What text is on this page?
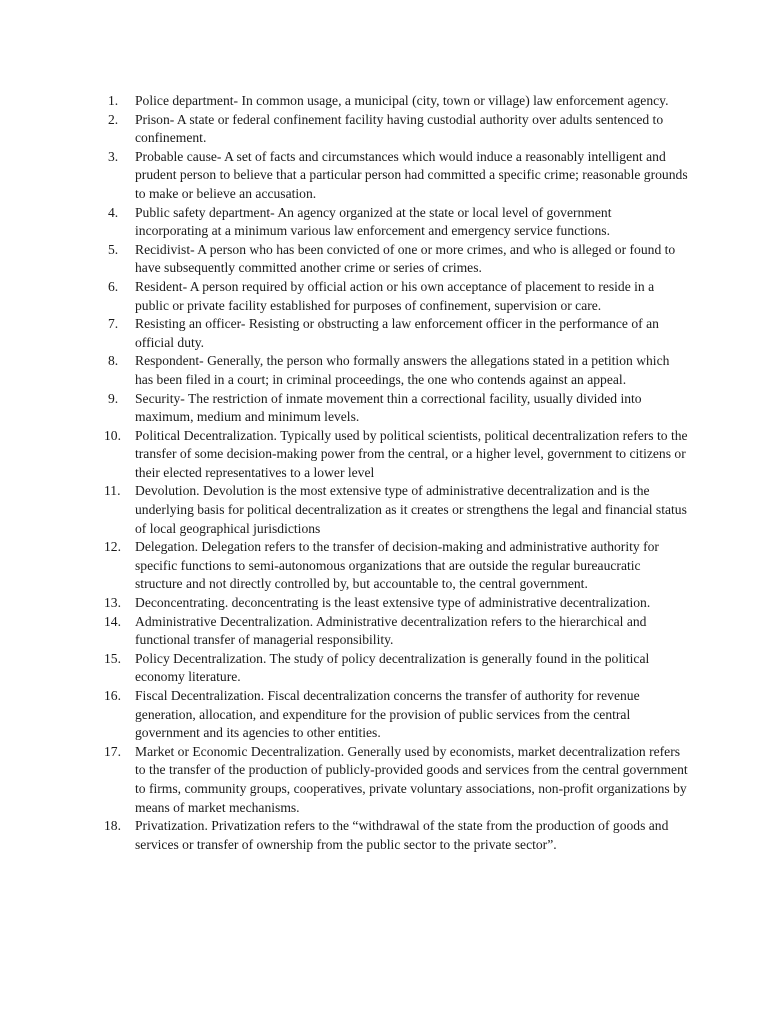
1.	Police department- In common usage, a municipal (city, town or village) law enforcement agency.
2.	Prison- A state or federal confinement facility having custodial authority over adults sentenced to confinement.
3.	Probable cause- A set of facts and circumstances which would induce a reasonably intelligent and prudent person to believe that a particular person had committed a specific crime; reasonable grounds to make or believe an accusation.
4.	Public safety department- An agency organized at the state or local level of government incorporating at a minimum various law enforcement and emergency service functions.
5.	Recidivist- A person who has been convicted of one or more crimes, and who is alleged or found to have subsequently committed another crime or series of crimes.
6.	Resident- A person required by official action or his own acceptance of placement to reside in a public or private facility established for purposes of confinement, supervision or care.
7.	Resisting an officer- Resisting or obstructing a law enforcement officer in the performance of an official duty.
8.	Respondent- Generally, the person who formally answers the allegations stated in a petition which has been filed in a court; in criminal proceedings, the one who contends against an appeal.
9.	Security- The restriction of inmate movement thin a correctional facility, usually divided into maximum, medium and minimum levels.
10.	Political Decentralization. Typically used by political scientists, political decentralization refers to the transfer of some decision-making power from the central, or a higher level, government to citizens or their elected representatives to a lower level
11.	Devolution. Devolution is the most extensive type of administrative decentralization and is the underlying basis for political decentralization as it creates or strengthens the legal and financial status of local geographical jurisdictions
12.	Delegation. Delegation refers to the transfer of decision-making and administrative authority for specific functions to semi-autonomous organizations that are outside the regular bureaucratic structure and not directly controlled by, but accountable to, the central government.
13.	Deconcentrating. deconcentrating is the least extensive type of administrative decentralization.
14.	Administrative Decentralization. Administrative decentralization refers to the hierarchical and functional transfer of managerial responsibility.
15.	Policy Decentralization. The study of policy decentralization is generally found in the political economy literature.
16.	Fiscal Decentralization. Fiscal decentralization concerns the transfer of authority for revenue generation, allocation, and expenditure for the provision of public services from the central government and its agencies to other entities.
17.	Market or Economic Decentralization. Generally used by economists, market decentralization refers to the transfer of the production of publicly-provided goods and services from the central government to firms, community groups, cooperatives, private voluntary associations, non-profit organizations by means of market mechanisms.
18.	Privatization. Privatization refers to the “withdrawal of the state from the production of goods and services or transfer of ownership from the public sector to the private sector”.
